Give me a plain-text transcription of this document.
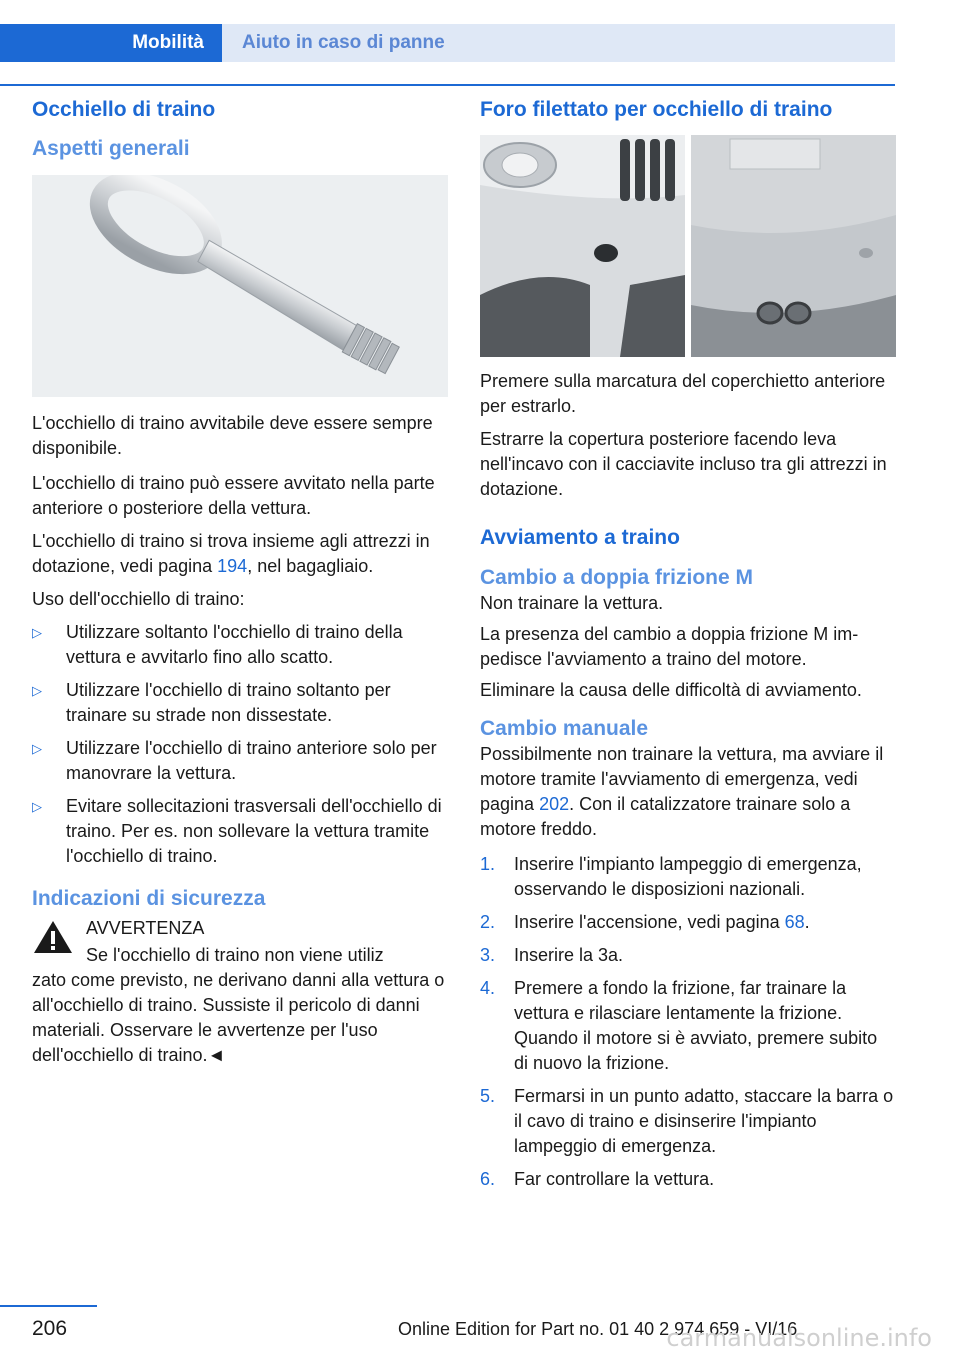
Mobilità	Aiuto in caso di panne
Occhiello di traino
Aspetti generali

L'occhiello di traino avvitabile deve essere sempre disponibile.

L'occhiello di traino può essere avvitato nella parte anteriore o posteriore della vettura.

L'occhiello di traino si trova insieme agli attrezzi in dotazione, vedi pagina 194, nel bagagliaio.

Uso dell'occhiello di traino:

▷ Utilizzare soltanto l'occhiello di traino della vettura e avvitarlo fino allo scatto.
▷ Utilizzare l'occhiello di traino soltanto per trainare su strade non dissestate.
▷ Utilizzare l'occhiello di traino anteriore solo per manovrare la vettura.
▷ Evitare sollecitazioni trasversali dell'occhiello di traino. Per es. non sollevare la vettura tramite l'occhiello di traino.
Indicazioni di sicurezza

AVVERTENZA

Se l'occhiello di traino non viene utiliz

zato come previsto, ne derivano danni alla vettura o all'occhiello di traino. Sussiste il pericolo di danni materiali. Osservare le avvertenze per l'uso dell'occhiello di traino.◄

Foro filettato per occhiello di traino

Premere sulla marcatura del coperchietto anteriore per estrarlo.

Estrarre la copertura posteriore facendo leva nell'incavo con il cacciavite incluso tra gli attrezzi in dotazione.

Avviamento a traino
Cambio a doppia frizione M

Non trainare la vettura.

La presenza del cambio a doppia frizione M impedisce l'avviamento a traino del motore.

Eliminare la causa delle difficoltà di avviamento.

Cambio manuale

Possibilmente non trainare la vettura, ma avviare il motore tramite l'avviamento di emergenza, vedi pagina 202. Con il catalizzatore trainare solo a motore freddo.

1. Inserire l'impianto lampeggio di emergenza, osservando le disposizioni nazionali.
2. Inserire l'accensione, vedi pagina 68.
3. Inserire la 3a.
4. Premere a fondo la frizione, far trainare la vettura e rilasciare lentamente la frizione. Quando il motore si è avviato, premere subito di nuovo la frizione.
5. Fermarsi in un punto adatto, staccare la barra o il cavo di traino e disinserire l'impianto lampeggio di emergenza.
6. Far controllare la vettura.
206	Online Edition for Part no. 01 40 2 974 659 - VI/16
carmanualsonline.info
